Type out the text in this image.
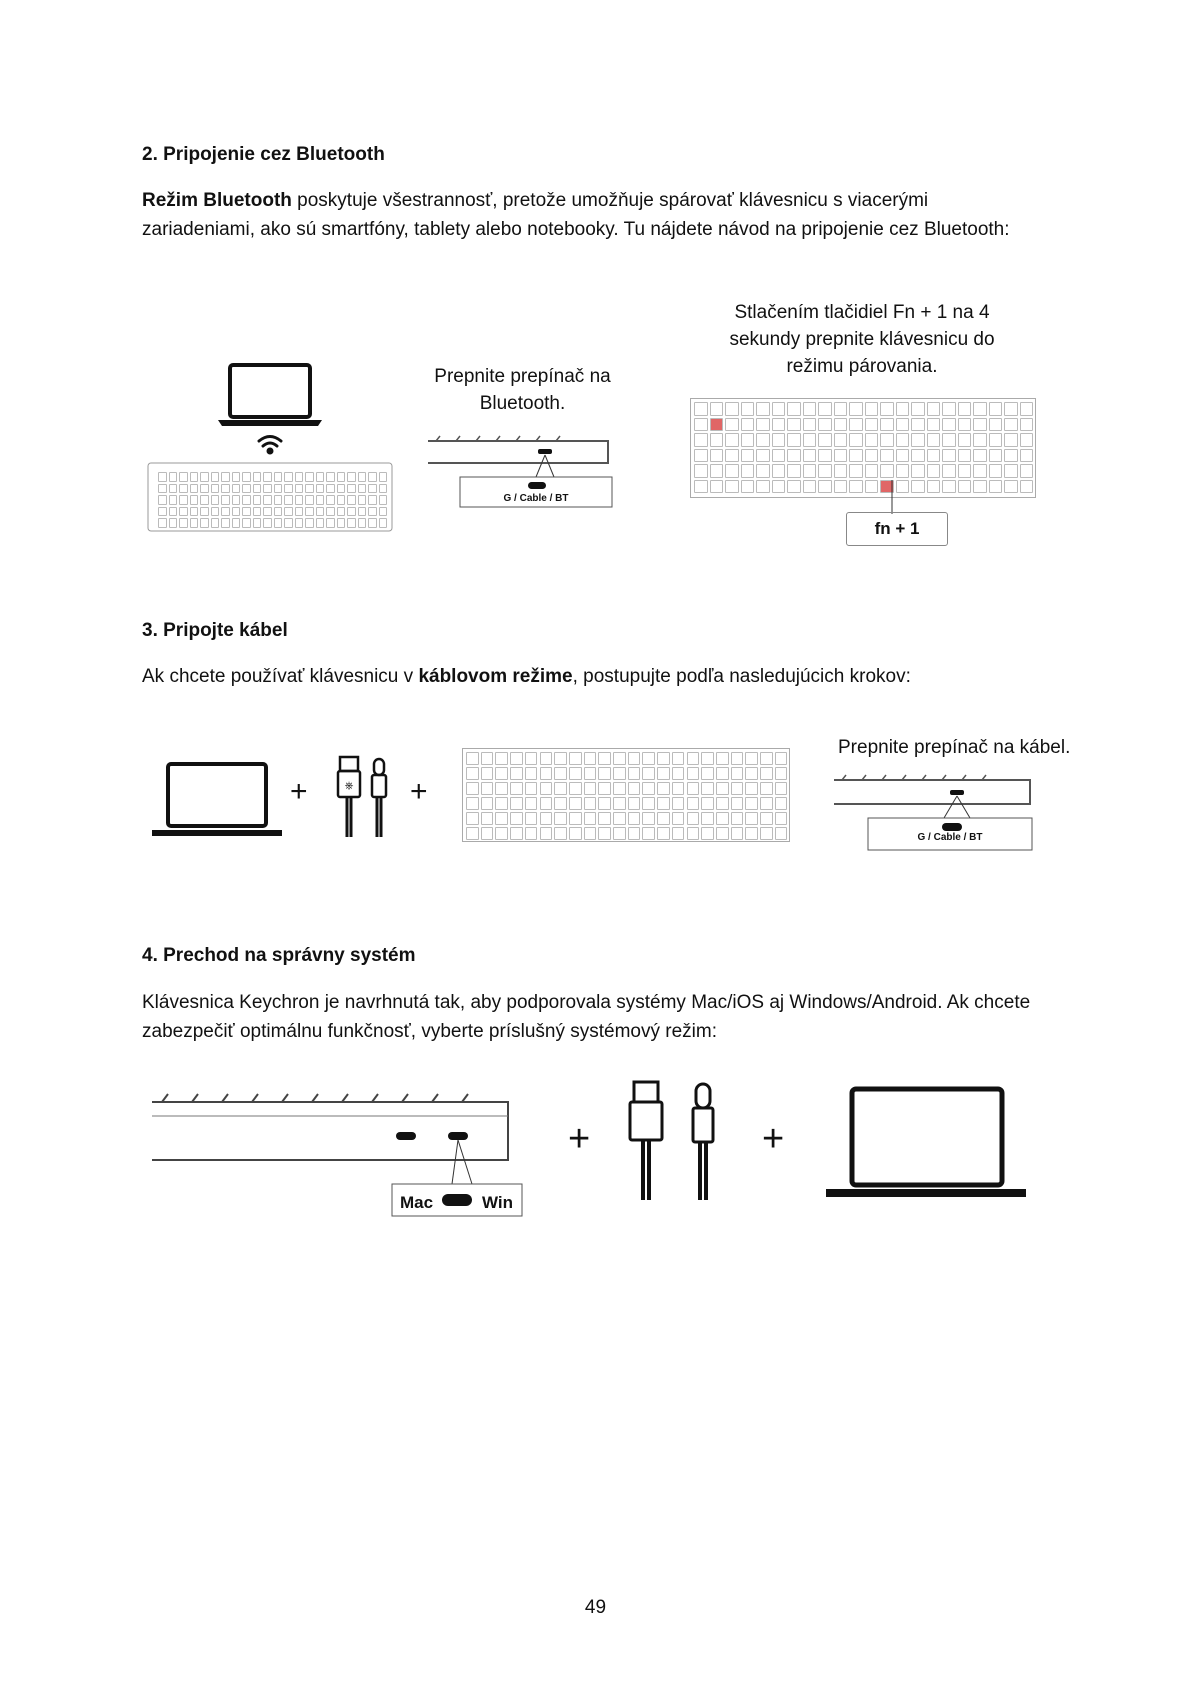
2. Pripojenie cez Bluetooth
Režim Bluetooth poskytuje všestrannosť, pretože umožňuje spárovať klávesnicu s viacerými zariadeniami, ako sú smartfóny, tablety alebo notebooky. Tu nájdete návod na pripojenie cez Bluetooth:
Prepnite prepínač na Bluetooth.
G / Cable / BT
Stlačením tlačidiel Fn + 1 na 4 sekundy prepnite klávesnicu do režimu párovania.
fn + 1
3. Pripojte kábel
Ak chcete používať klávesnicu v káblovom režime, postupujte podľa nasledujúcich krokov:
+	⎈ +
Prepnite prepínač na kábel.
G / Cable / BT
4. Prechod na správny systém
Klávesnica Keychron je navrhnutá tak, aby podporovala systémy Mac/iOS aj Windows/Android. Ak chcete zabezpečiť optimálnu funkčnosť, vyberte príslušný systémový režim:
Mac	Win
+	+
49
